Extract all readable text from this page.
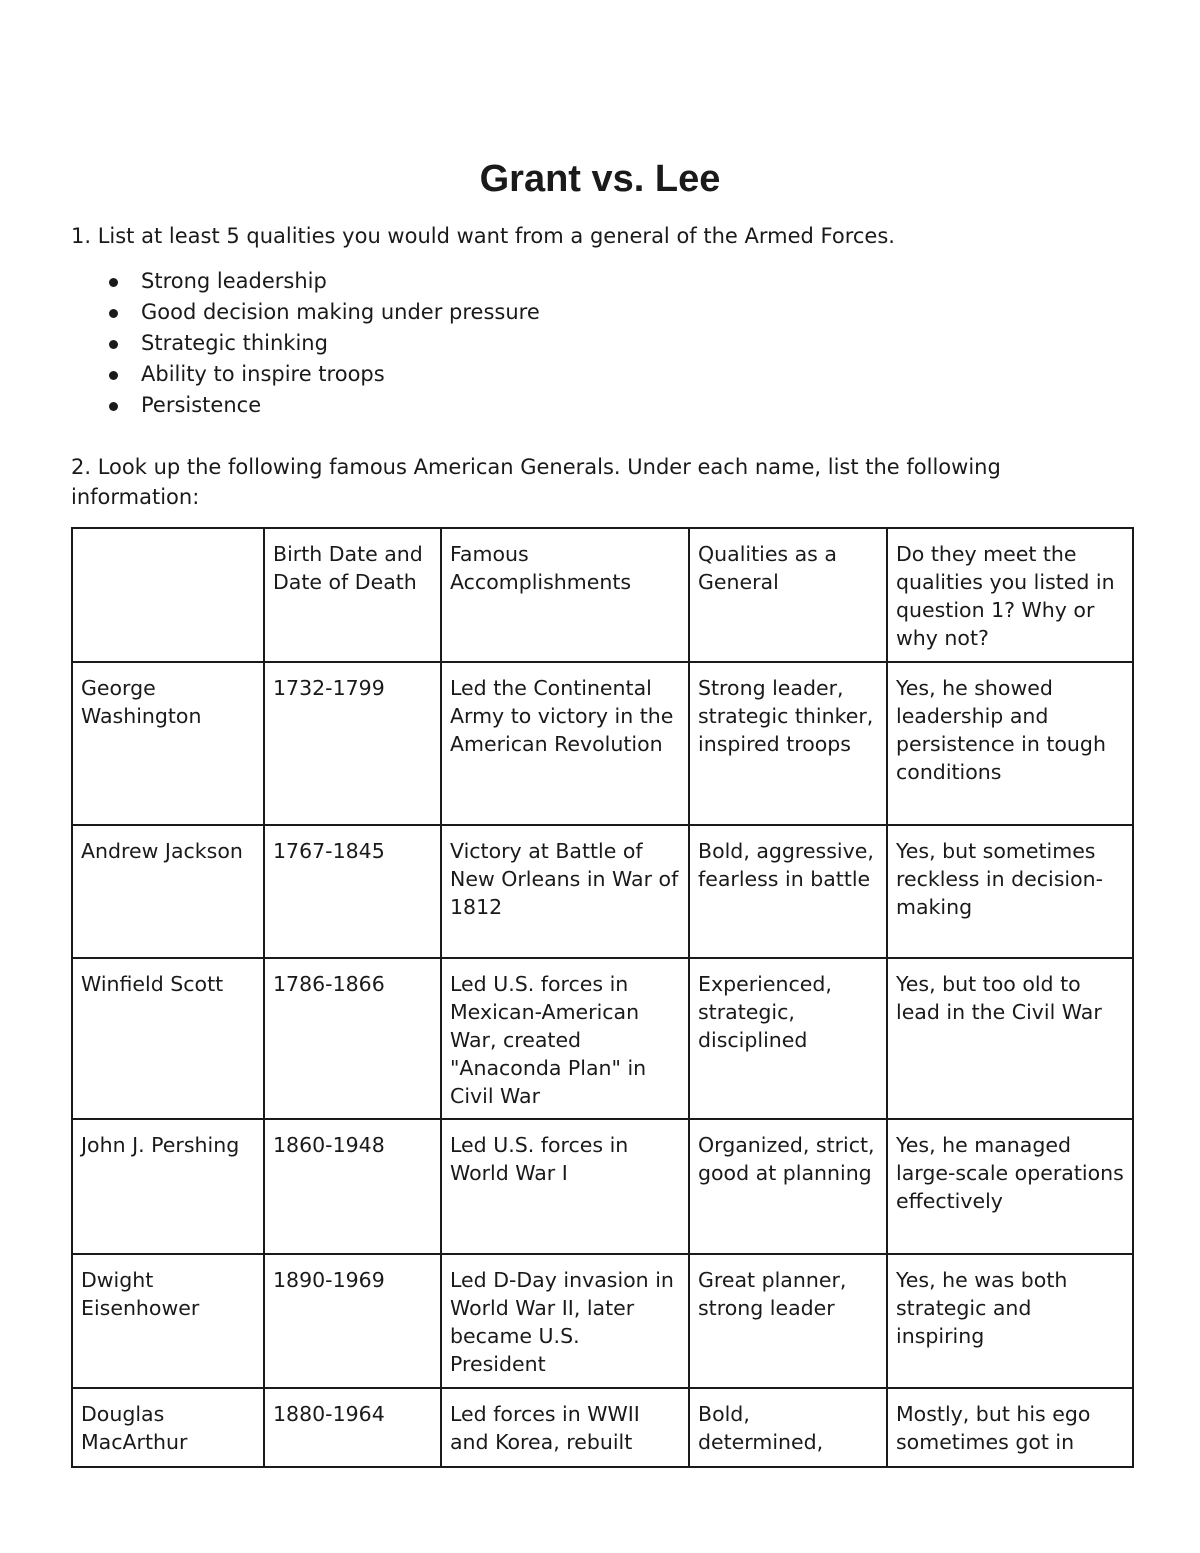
Grant vs. Lee

1. List at least 5 qualities you would want from a general of the Armed Forces.

Strong leadership
Good decision making under pressure
Strategic thinking
Ability to inspire troops
Persistence

2. Look up the following famous American Generals. Under each name, list the following information:

	Birth Date and Date of Death	Famous Accomplishments	Qualities as a General	Do they meet the qualities you listed in question 1? Why or why not?
George Washington	1732-1799	Led the Continental Army to victory in the American Revolution	Strong leader, strategic thinker, inspired troops	Yes, he showed leadership and persistence in tough conditions
Andrew Jackson	1767-1845	Victory at Battle of New Orleans in War of 1812	Bold, aggressive, fearless in battle	Yes, but sometimes reckless in decision-making
Winfield Scott	1786-1866	Led U.S. forces in Mexican-American War, created "Anaconda Plan" in Civil War	Experienced, strategic, disciplined	Yes, but too old to lead in the Civil War
John J. Pershing	1860-1948	Led U.S. forces in World War I	Organized, strict, good at planning	Yes, he managed large-scale operations effectively
Dwight Eisenhower	1890-1969	Led D-Day invasion in World War II, later became U.S. President	Great planner, strong leader	Yes, he was both strategic and inspiring
Douglas MacArthur	1880-1964	Led forces in WWII and Korea, rebuilt	Bold, determined,	Mostly, but his ego sometimes got in
